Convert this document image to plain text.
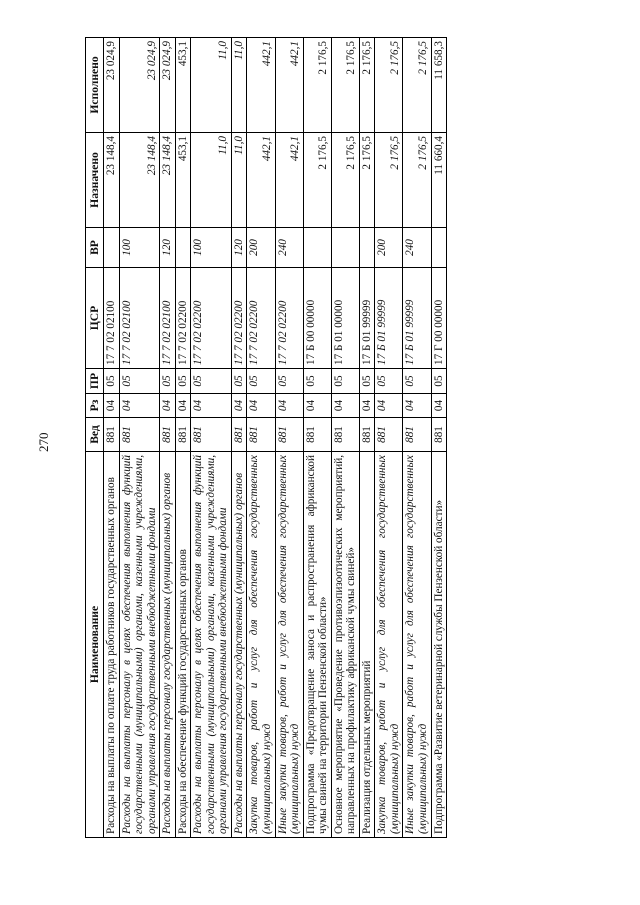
270
Наименование	Вед	Рз	ПР	ЦСР	ВР	Назначено	Исполнено
Расходы на выплаты по оплате труда работников государственных органов	881	04	05	17 7 02 02100		23 148,4	23 024,9
Расходы на выплаты персоналу в целях обеспечения выполнения функций государственными (муниципальными) органами, казенными учреждениями, органами управления государственными внебюджетными фондами	881	04	05	17 7 02 02100	100	23 148,4	23 024,9
Расходы на выплаты персоналу государственных (муниципальных) органов	881	04	05	17 7 02 02100	120	23 148,4	23 024,9
Расходы на обеспечение функций государственных органов	881	04	05	17 7 02 02200		453,1	453,1
Расходы на выплаты персоналу в целях обеспечения выполнения функций государственными (муниципальными) органами, казенными учреждениями, органами управления государственными внебюджетными фондами	881	04	05	17 7 02 02200	100	11,0	11,0
Расходы на выплаты персоналу государственных (муниципальных) органов	881	04	05	17 7 02 02200	120	11,0	11,0
Закупка товаров, работ и услуг для обеспечения государственных (муниципальных) нужд	881	04	05	17 7 02 02200	200	442,1	442,1
Иные закупки товаров, работ и услуг для обеспечения государственных (муниципальных) нужд	881	04	05	17 7 02 02200	240	442,1	442,1
Подпрограмма «Предотвращение заноса и распространения африканской чумы свиней на территории Пензенской области»	881	04	05	17 Б 00 00000		2 176,5	2 176,5
Основное мероприятие «Проведение противоэпизоотических мероприятий, направленных на профилактику африканской чумы свиней»	881	04	05	17 Б 01 00000		2 176,5	2 176,5
Реализация отдельных мероприятий	881	04	05	17 Б 01 99999		2 176,5	2 176,5
Закупка товаров, работ и услуг для обеспечения государственных (муниципальных) нужд	881	04	05	17 Б 01 99999	200	2 176,5	2 176,5
Иные закупки товаров, работ и услуг для обеспечения государственных (муниципальных) нужд	881	04	05	17 Б 01 99999	240	2 176,5	2 176,5
Подпрограмма «Развитие ветеринарной службы Пензенской области»	881	04	05	17 Г 00 00000		11 660,4	11 658,3
